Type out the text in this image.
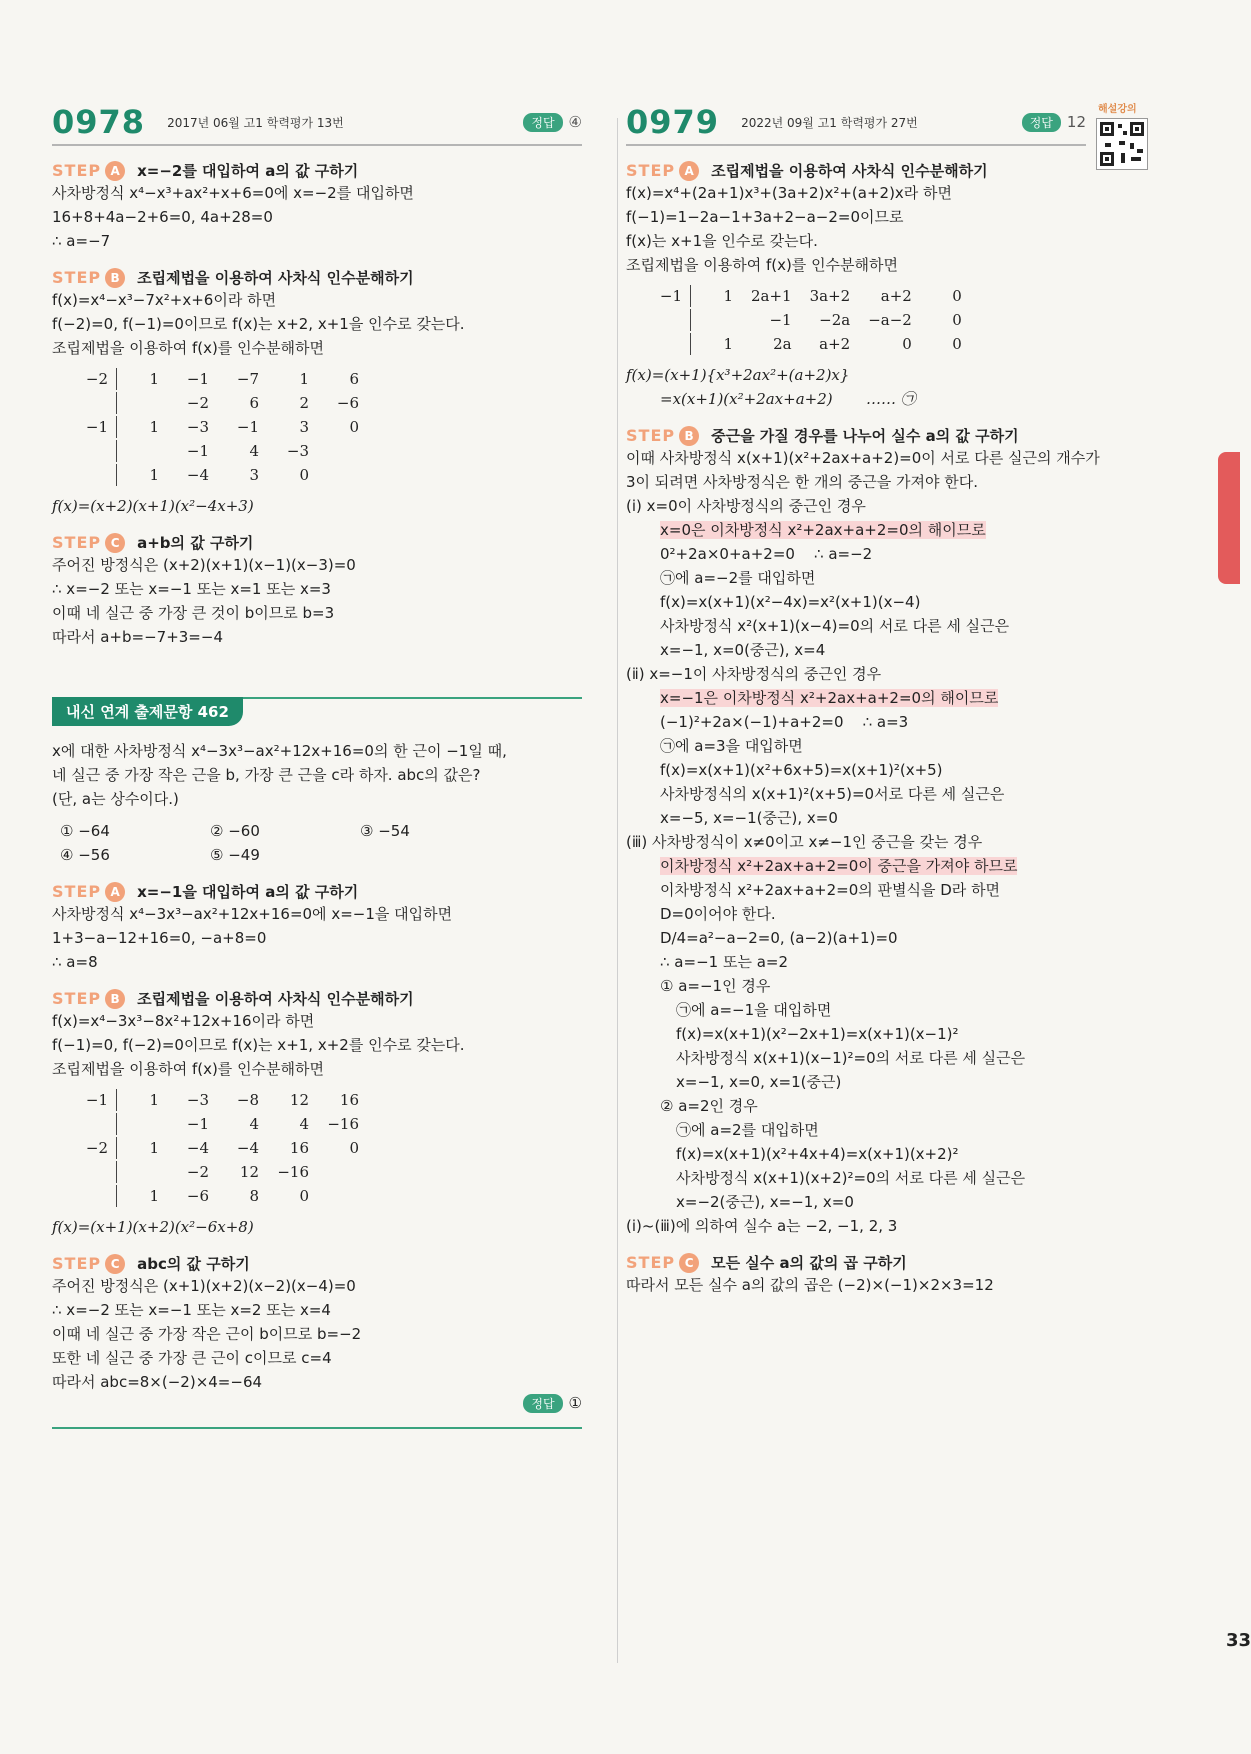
해설강의
33
0978 2017년 06월 고1 학력평가 13번	정답 ④
STEP A	x=−2를 대입하여 a의 값 구하기
사차방정식 x⁴−x³+ax²+x+6=0에 x=−2를 대입하면
16+8+4a−2+6=0, 4a+28=0
∴ a=−7
STEP B	조립제법을 이용하여 사차식 인수분해하기
f(x)=x⁴−x³−7x²+x+6이라 하면
f(−2)=0, f(−1)=0이므로 f(x)는 x+2, x+1을 인수로 갖는다.
조립제법을 이용하여 f(x)를 인수분해하면
−2	1	−1	−7	1	6
		−2	6	2	−6
−1	1	−3	−1	3	0
		−1	4	−3	
	1	−4	3	0	
f(x)=(x+2)(x+1)(x²−4x+3)
STEP C	a+b의 값 구하기
주어진 방정식은 (x+2)(x+1)(x−1)(x−3)=0
∴ x=−2 또는 x=−1 또는 x=1 또는 x=3
이때 네 실근 중 가장 큰 것이 b이므로 b=3
따라서 a+b=−7+3=−4
내신 연계 출제문항 462
x에 대한 사차방정식 x⁴−3x³−ax²+12x+16=0의 한 근이 −1일 때,
네 실근 중 가장 작은 근을 b, 가장 큰 근을 c라 하자. abc의 값은?
(단, a는 상수이다.)
① −64	② −60	③ −54
④ −56	⑤ −49
STEP A	x=−1을 대입하여 a의 값 구하기
사차방정식 x⁴−3x³−ax²+12x+16=0에 x=−1을 대입하면
1+3−a−12+16=0, −a+8=0
∴ a=8
STEP B	조립제법을 이용하여 사차식 인수분해하기
f(x)=x⁴−3x³−8x²+12x+16이라 하면
f(−1)=0, f(−2)=0이므로 f(x)는 x+1, x+2를 인수로 갖는다.
조립제법을 이용하여 f(x)를 인수분해하면
−1	1	−3	−8	12	16
		−1	4	4	−16
−2	1	−4	−4	16	0
		−2	12	−16	
	1	−6	8	0	
f(x)=(x+1)(x+2)(x²−6x+8)
STEP C	abc의 값 구하기
주어진 방정식은 (x+1)(x+2)(x−2)(x−4)=0
∴ x=−2 또는 x=−1 또는 x=2 또는 x=4
이때 네 실근 중 가장 작은 근이 b이므로 b=−2
또한 네 실근 중 가장 큰 근이 c이므로 c=4
따라서 abc=8×(−2)×4=−64
정답 ①
0979 2022년 09월 고1 학력평가 27번	정답 12
STEP A	조립제법을 이용하여 사차식 인수분해하기
f(x)=x⁴+(2a+1)x³+(3a+2)x²+(a+2)x라 하면
f(−1)=1−2a−1+3a+2−a−2=0이므로
f(x)는 x+1을 인수로 갖는다.
조립제법을 이용하여 f(x)를 인수분해하면
−1	1	2a+1	3a+2	a+2	0
		−1	−2a	−a−2	0
	1	2a	a+2	0	0
f(x)=(x+1){x³+2ax²+(a+2)x}
=x(x+1)(x²+2ax+a+2)       …… ㉠
STEP B	중근을 가질 경우를 나누어 실수 a의 값 구하기
이때 사차방정식 x(x+1)(x²+2ax+a+2)=0이 서로 다른 실근의 개수가
3이 되려면 사차방정식은 한 개의 중근을 가져야 한다.
(ⅰ) x=0이 사차방정식의 중근인 경우
x=0은 이차방정식 x²+2ax+a+2=0의 해이므로
0²+2a×0+a+2=0    ∴ a=−2
㉠에 a=−2를 대입하면
f(x)=x(x+1)(x²−4x)=x²(x+1)(x−4)
사차방정식 x²(x+1)(x−4)=0의 서로 다른 세 실근은
x=−1, x=0(중근), x=4
(ⅱ) x=−1이 사차방정식의 중근인 경우
x=−1은 이차방정식 x²+2ax+a+2=0의 해이므로
(−1)²+2a×(−1)+a+2=0    ∴ a=3
㉠에 a=3을 대입하면
f(x)=x(x+1)(x²+6x+5)=x(x+1)²(x+5)
사차방정식의 x(x+1)²(x+5)=0서로 다른 세 실근은
x=−5, x=−1(중근), x=0
(ⅲ) 사차방정식이 x≠0이고 x≠−1인 중근을 갖는 경우
이차방정식 x²+2ax+a+2=0이 중근을 가져야 하므로
이차방정식 x²+2ax+a+2=0의 판별식을 D라 하면
D=0이어야 한다.
D/4=a²−a−2=0, (a−2)(a+1)=0
∴ a=−1 또는 a=2
① a=−1인 경우
㉠에 a=−1을 대입하면
f(x)=x(x+1)(x²−2x+1)=x(x+1)(x−1)²
사차방정식 x(x+1)(x−1)²=0의 서로 다른 세 실근은
x=−1, x=0, x=1(중근)
② a=2인 경우
㉠에 a=2를 대입하면
f(x)=x(x+1)(x²+4x+4)=x(x+1)(x+2)²
사차방정식 x(x+1)(x+2)²=0의 서로 다른 세 실근은
x=−2(중근), x=−1, x=0
(ⅰ)~(ⅲ)에 의하여 실수 a는 −2, −1, 2, 3
STEP C	모든 실수 a의 값의 곱 구하기
따라서 모든 실수 a의 값의 곱은 (−2)×(−1)×2×3=12
